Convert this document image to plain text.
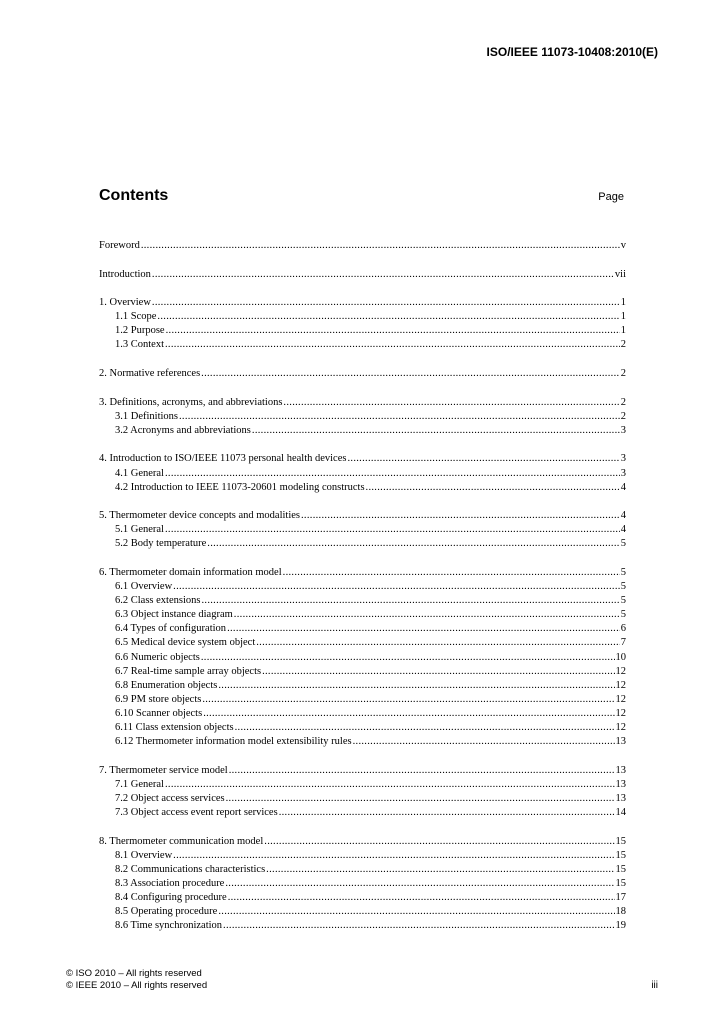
ISO/IEEE 11073-10408:2010(E)
Contents	Page
Foreword .....	v
Introduction .....	vii
1. Overview .....	1
1.1 Scope .....	1
1.2 Purpose .....	1
1.3 Context .....	2
2. Normative references .....	2
3. Definitions, acronyms, and abbreviations .....	2
3.1 Definitions .....	2
3.2 Acronyms and abbreviations .....	3
4. Introduction to ISO/IEEE 11073 personal health devices .....	3
4.1 General .....	3
4.2 Introduction to IEEE 11073-20601 modeling constructs .....	4
5. Thermometer device concepts and modalities .....	4
5.1 General .....	4
5.2 Body temperature .....	5
6. Thermometer domain information model .....	5
6.1 Overview .....	5
6.2 Class extensions .....	5
6.3 Object instance diagram .....	5
6.4 Types of configuration .....	6
6.5 Medical device system object .....	7
6.6 Numeric objects .....	10
6.7 Real-time sample array objects .....	12
6.8 Enumeration objects .....	12
6.9 PM store objects .....	12
6.10 Scanner objects .....	12
6.11 Class extension objects .....	12
6.12 Thermometer information model extensibility rules .....	13
7. Thermometer service model .....	13
7.1 General .....	13
7.2 Object access services .....	13
7.3 Object access event report services .....	14
8. Thermometer communication model .....	15
8.1 Overview .....	15
8.2 Communications characteristics .....	15
8.3 Association procedure .....	15
8.4 Configuring procedure .....	17
8.5 Operating procedure .....	18
8.6 Time synchronization .....	19
© ISO 2010 – All rights reserved
© IEEE 2010 – All rights reserved	iii
